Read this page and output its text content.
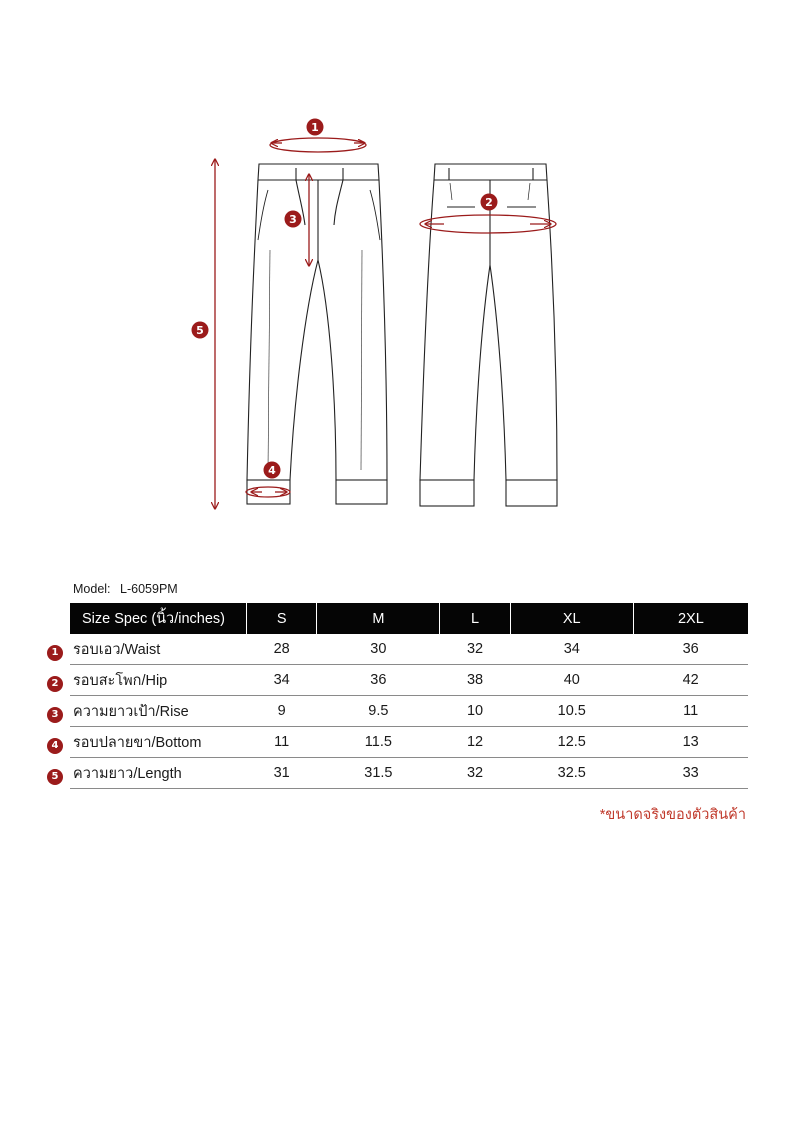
1
2
3
4
5
Model: L-6059PM
Size Spec (นิ้ว/inches)	S	M	L	XL	2XL
รอบเอว/Waist	28	30	32	34	36
รอบสะโพก/Hip	34	36	38	40	42
ความยาวเป้า/Rise	9	9.5	10	10.5	11
รอบปลายขา/Bottom	11	11.5	12	12.5	13
ความยาว/Length	31	31.5	32	32.5	33
1
2
3
4
5
*ขนาดจริงของตัวสินค้า
